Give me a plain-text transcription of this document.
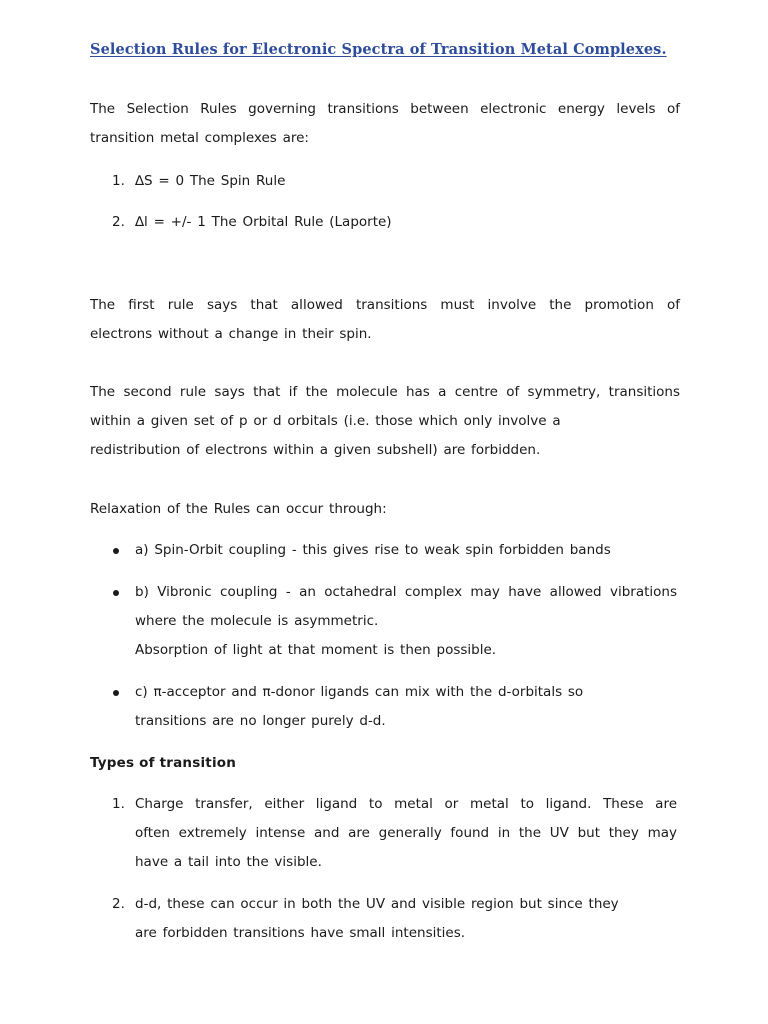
Selection Rules for Electronic Spectra of Transition Metal Complexes.
The Selection Rules governing transitions between electronic energy levels of
transition metal complexes are:
1. ∆S = 0 The Spin Rule
2. ∆l = +/- 1 The Orbital Rule (Laporte)
The first rule says that allowed transitions must involve the promotion of
electrons without a change in their spin.
The second rule says that if the molecule has a centre of symmetry, transitions
within a given set of p or d orbitals (i.e. those which only involve a
redistribution of electrons within a given subshell) are forbidden.
Relaxation of the Rules can occur through:
a) Spin-Orbit coupling - this gives rise to weak spin forbidden bands
b) Vibronic coupling - an octahedral complex may have allowed vibrations
where the molecule is asymmetric.
Absorption of light at that moment is then possible.
c) π-acceptor and π-donor ligands can mix with the d-orbitals so
transitions are no longer purely d-d.
Types of transition
1. Charge transfer, either ligand to metal or metal to ligand. These are
often extremely intense and are generally found in the UV but they may
have a tail into the visible.
2. d-d, these can occur in both the UV and visible region but since they
are forbidden transitions have small intensities.
